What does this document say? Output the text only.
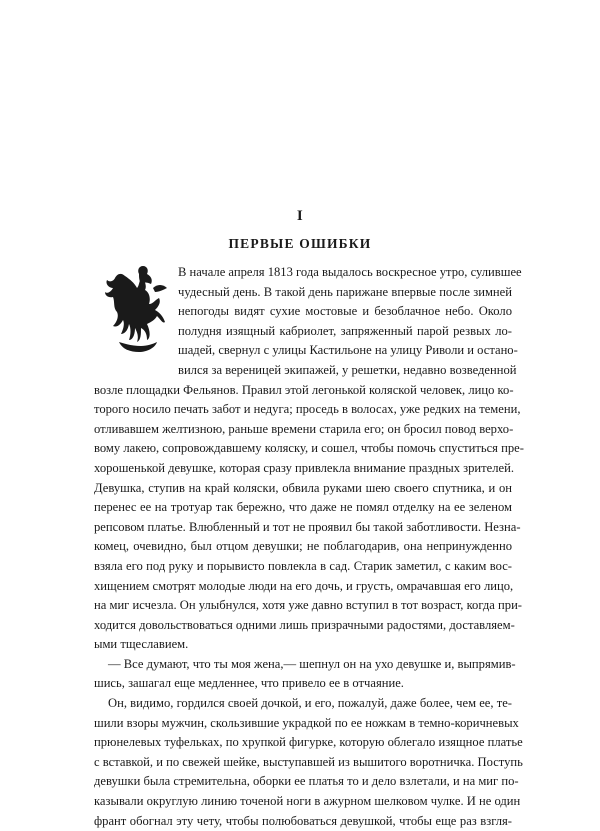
I
ПЕРВЫЕ ОШИБКИ
В начале апреля 1813 года выдалось воскресное утро, сулившее
чудесный день. В такой день парижане впервые после зимней
непогоды видят сухие мостовые и безоблачное небо. Около
полудня изящный кабриолет, запряженный парой резвых ло-
шадей, свернул с улицы Кастильоне на улицу Риволи и остано-
вился за вереницей экипажей, у решетки, недавно возведенной
возле площадки Фельянов. Правил этой легонькой коляской человек, лицо ко-
торого носило печать забот и недуга; проседь в волосах, уже редких на темени,
отливавшем желтизною, раньше времени старила его; он бросил повод верхо-
вому лакею, сопровождавшему коляску, и сошел, чтобы помочь спуститься пре-
хорошенькой девушке, которая сразу привлекла внимание праздных зрителей.
Девушка, ступив на край коляски, обвила руками шею своего спутника, и он
перенес ее на тротуар так бережно, что даже не помял отделку на ее зеленом
репсовом платье. Влюбленный и тот не проявил бы такой заботливости. Незна-
комец, очевидно, был отцом девушки; не поблагодарив, она непринужденно
взяла его под руку и порывисто повлекла в сад. Старик заметил, с каким вос-
хищением смотрят молодые люди на его дочь, и грусть, омрачавшая его лицо,
на миг исчезла. Он улыбнулся, хотя уже давно вступил в тот возраст, когда при-
ходится довольствоваться одними лишь призрачными радостями, доставляем-
ыми тщеславием.
— Все думают, что ты моя жена,— шепнул он на ухо девушке и, выпрямив-
шись, зашагал еще медленнее, что привело ее в отчаяние.
Он, видимо, гордился своей дочкой, и его, пожалуй, даже более, чем ее, те-
шили взоры мужчин, скользившие украдкой по ее ножкам в темно-коричневых
прюнелевых туфельках, по хрупкой фигурке, которую облегало изящное платье
с вставкой, и по свежей шейке, выступавшей из вышитого воротничка. Поступь
девушки была стремительна, оборки ее платья то и дело взлетали, и на миг по-
казывали округлую линию точеной ноги в ажурном шелковом чулке. И не один
франт обогнал эту чету, чтобы полюбоваться девушкой, чтобы еще раз взгля-
